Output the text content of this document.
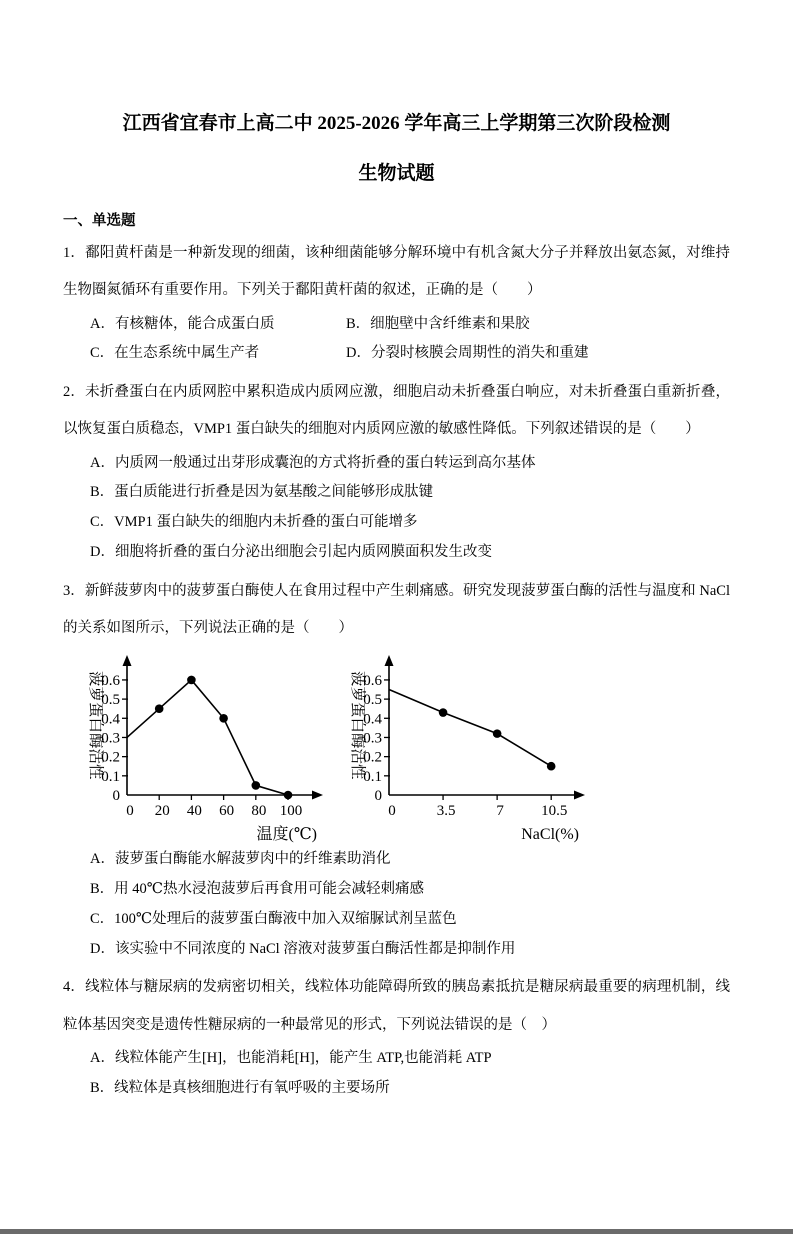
江西省宜春市上高二中 2025-2026 学年高三上学期第三次阶段检测
生物试题
一、单选题

1．鄱阳黄杆菌是一种新发现的细菌，该种细菌能够分解环境中有机含氮大分子并释放出氨态氮，对维持生物圈氮循环有重要作用。下列关于鄱阳黄杆菌的叙述，正确的是（　　）

A．有核糖体，能合成蛋白质	B．细胞壁中含纤维素和果胶
C．在生态系统中属生产者	D．分裂时核膜会周期性的消失和重建

2．未折叠蛋白在内质网腔中累积造成内质网应激，细胞启动未折叠蛋白响应，对未折叠蛋白重新折叠，以恢复蛋白质稳态，VMP1 蛋白缺失的细胞对内质网应激的敏感性降低。下列叙述错误的是（　　）

A．内质网一般通过出芽形成囊泡的方式将折叠的蛋白转运到高尔基体
B．蛋白质能进行折叠是因为氨基酸之间能够形成肽键
C．VMP1 蛋白缺失的细胞内未折叠的蛋白可能增多
D．细胞将折叠的蛋白分泌出细胞会引起内质网膜面积发生改变

3．新鲜菠萝肉中的菠萝蛋白酶使人在食用过程中产生刺痛感。研究发现菠萝蛋白酶的活性与温度和 NaCl 的关系如图所示，下列说法正确的是（　　）

0
0.1
0.2
0.3
0.4
0.5
0.6
0 20 40 60 80 100
菠萝蛋白酶活性
温度(℃)
0
0.1
0.2
0.3
0.4
0.5
0.6
0	3.5	7 10.5
菠萝蛋白酶活性
NaCl(%)
A．菠萝蛋白酶能水解菠萝肉中的纤维素助消化
B．用 40℃热水浸泡菠萝后再食用可能会减轻刺痛感
C．100℃处理后的菠萝蛋白酶液中加入双缩脲试剂呈蓝色
D．该实验中不同浓度的 NaCl 溶液对菠萝蛋白酶活性都是抑制作用

4．线粒体与糖尿病的发病密切相关，线粒体功能障碍所致的胰岛素抵抗是糖尿病最重要的病理机制，线粒体基因突变是遗传性糖尿病的一种最常见的形式，下列说法错误的是（　）

A．线粒体能产生[H]，也能消耗[H]，能产生 ATP,也能消耗 ATP
B．线粒体是真核细胞进行有氧呼吸的主要场所
